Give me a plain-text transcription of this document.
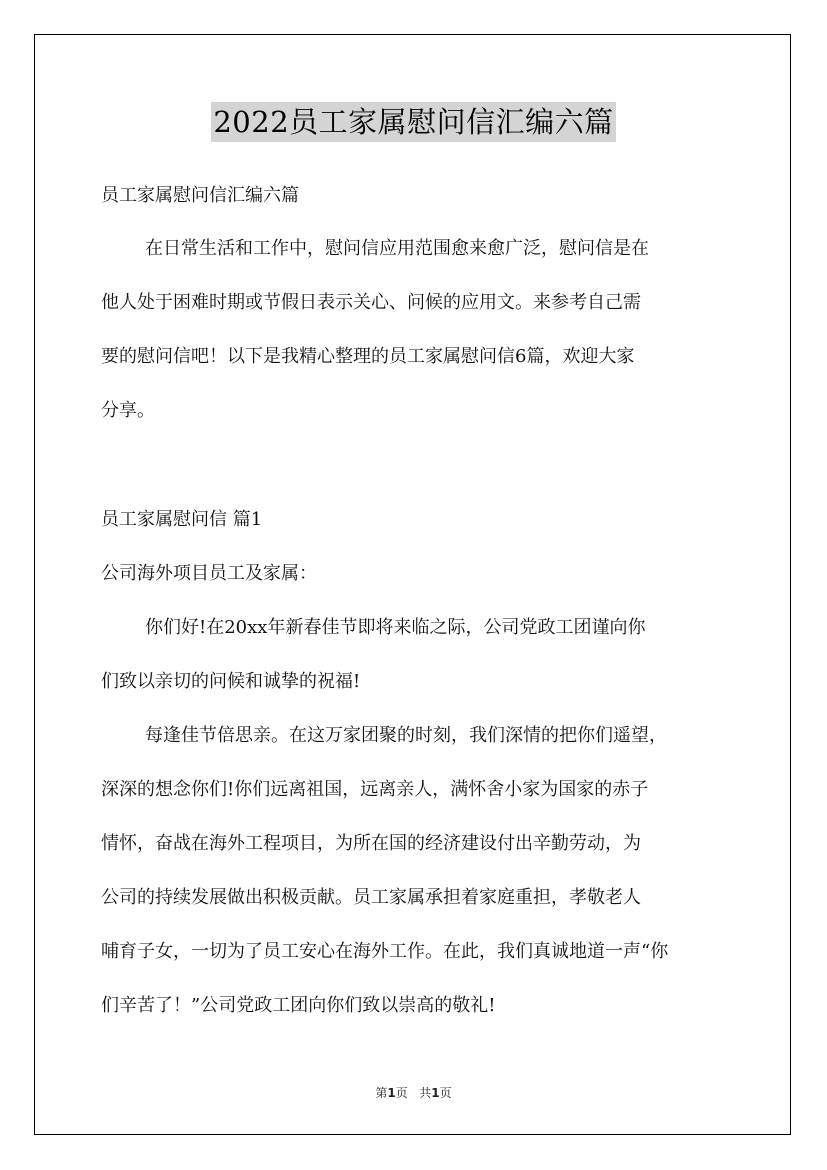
2022员工家属慰问信汇编六篇
员工家属慰问信汇编六篇
在日常生活和工作中，慰问信应用范围愈来愈广泛，慰问信是在
他人处于困难时期或节假日表示关心、问候的应用文。来参考自己需
要的慰问信吧！以下是我精心整理的员工家属慰问信6篇，欢迎大家
分享。
员工家属慰问信 篇1
公司海外项目员工及家属：
你们好!在20xx年新春佳节即将来临之际，公司党政工团谨向你
们致以亲切的问候和诚挚的祝福!
每逢佳节倍思亲。在这万家团聚的时刻，我们深情的把你们遥望，
深深的想念你们!你们远离祖国，远离亲人，满怀舍小家为国家的赤子
情怀，奋战在海外工程项目，为所在国的经济建设付出辛勤劳动，为
公司的持续发展做出积极贡献。员工家属承担着家庭重担，孝敬老人
哺育子女，一切为了员工安心在海外工作。在此，我们真诚地道一声“你
们辛苦了！”公司党政工团向你们致以崇高的敬礼!
第1页   共1页
